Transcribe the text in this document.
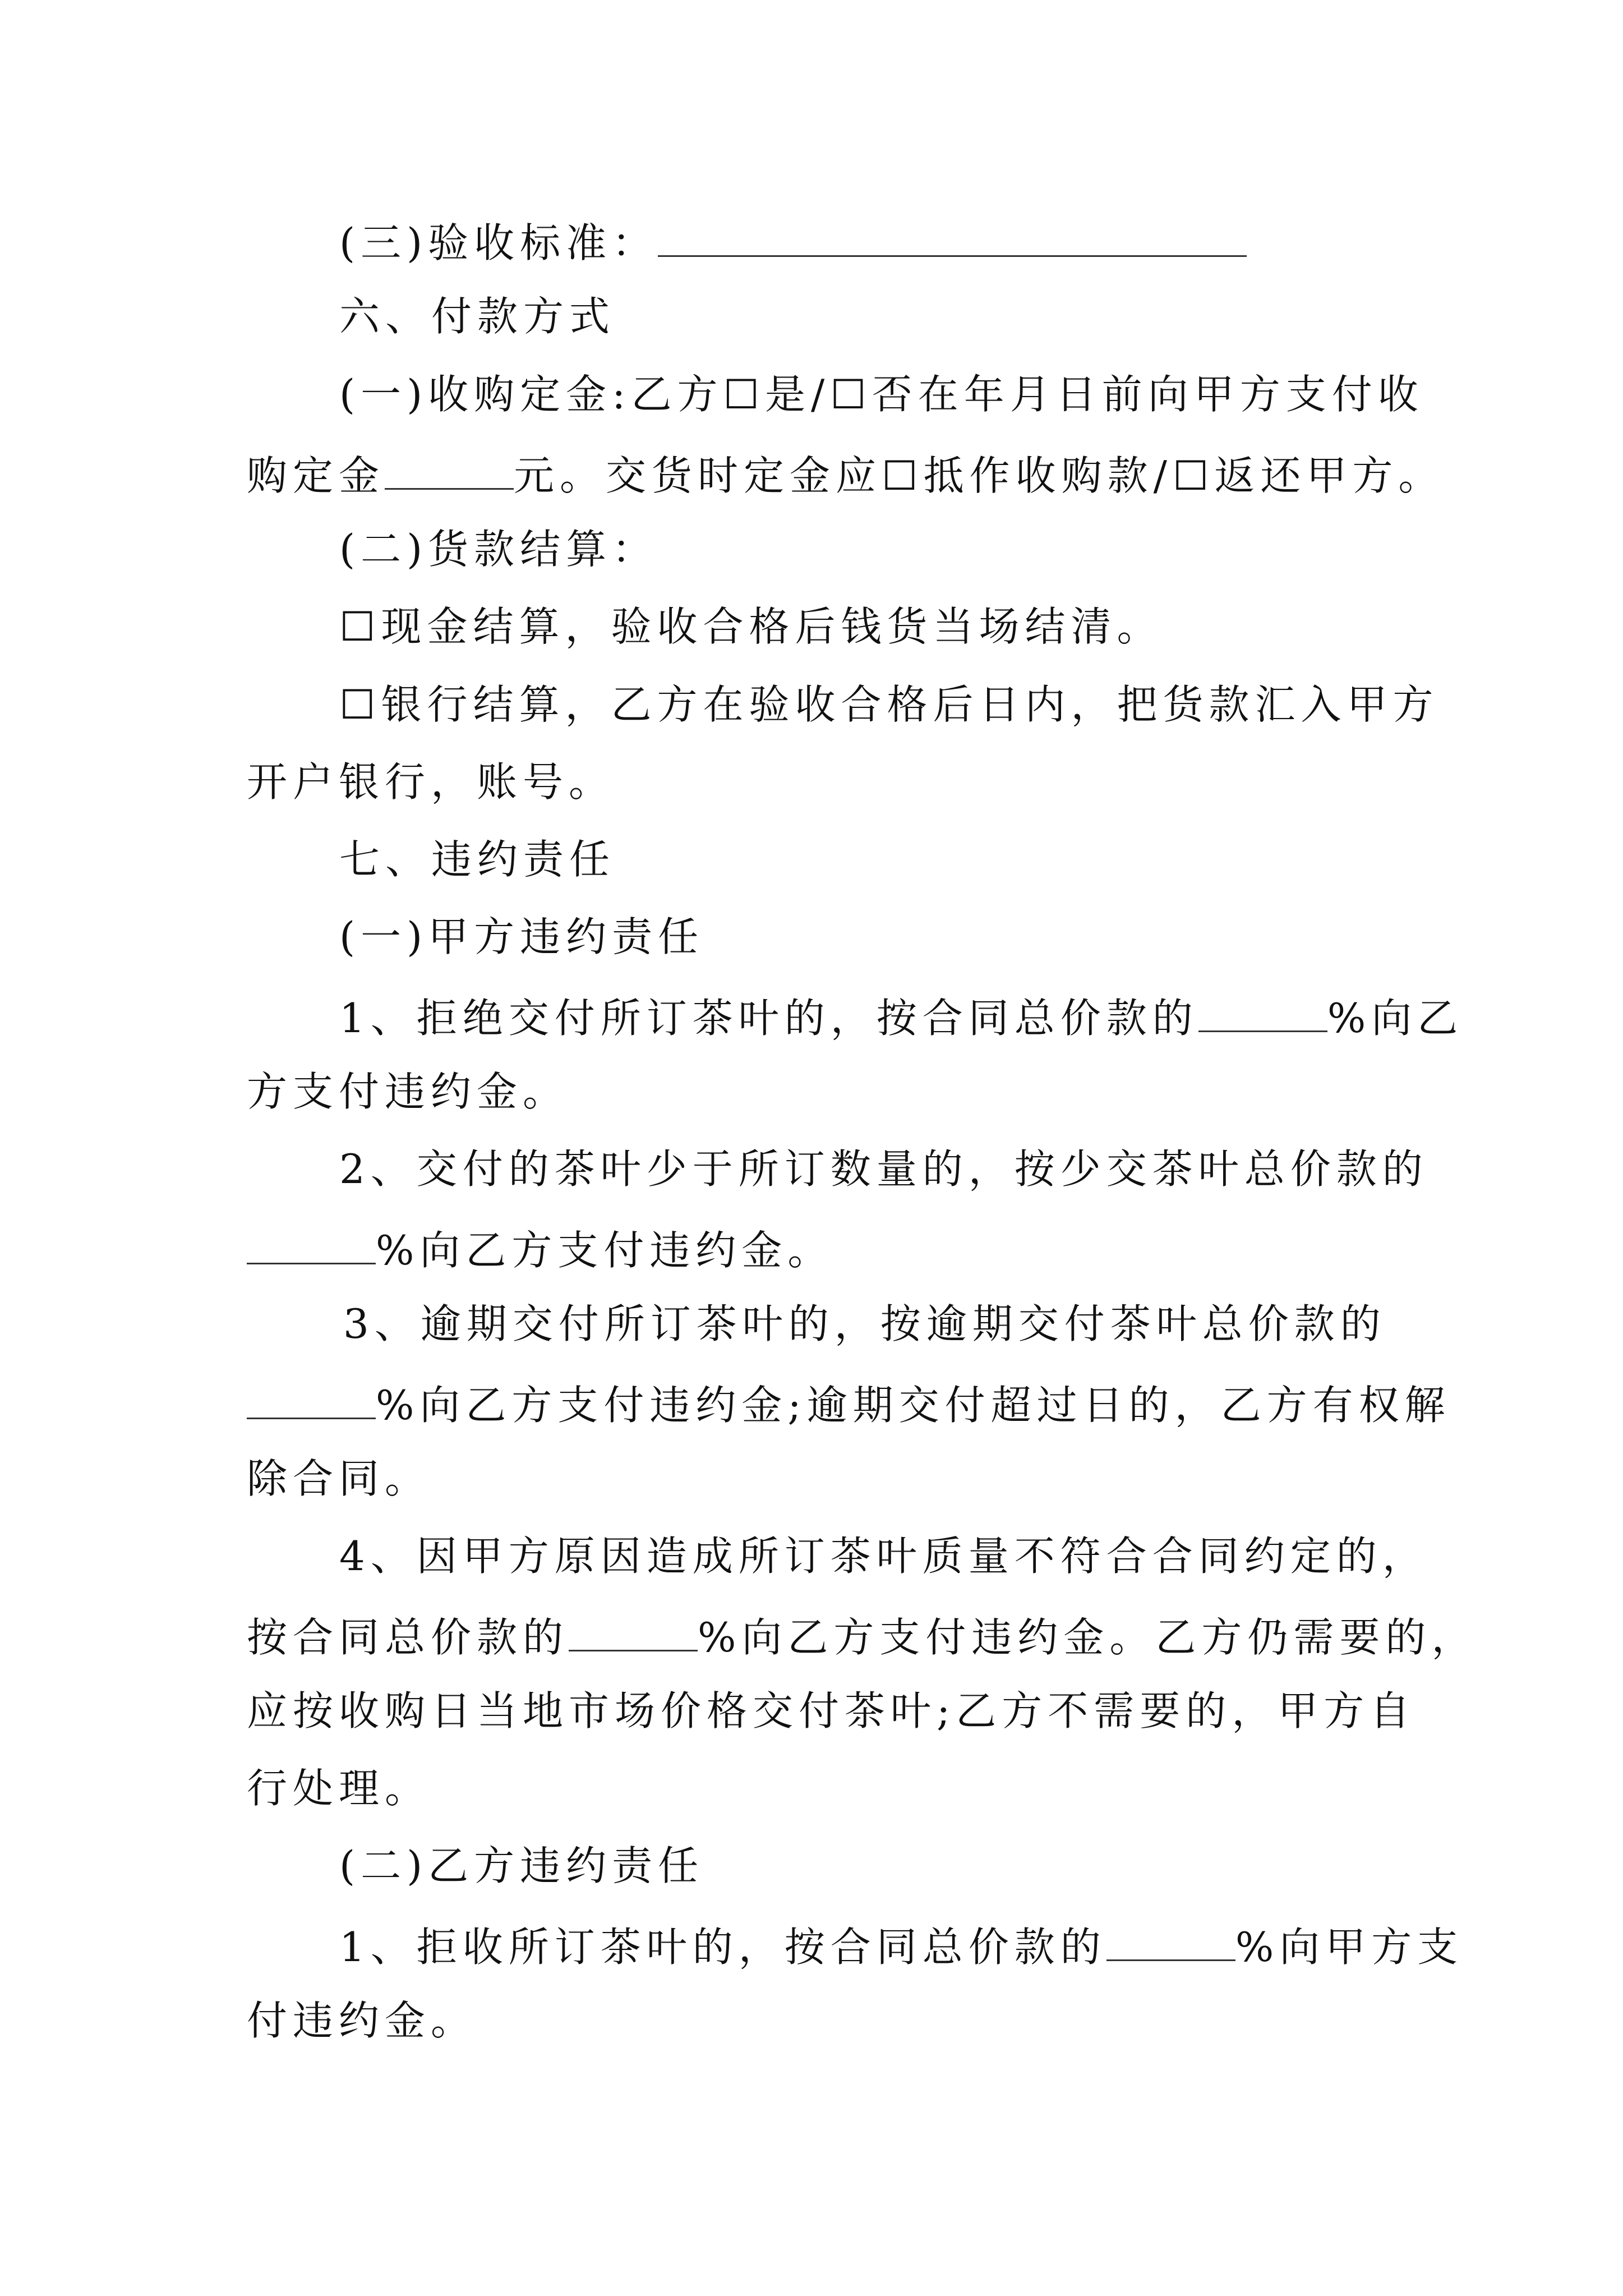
(三)验收标准：
六、付款方式
(一)收购定金:乙方☐是/☐否在年月日前向甲方支付收
购定金	元。交货时定金应☐抵作收购款/☐返还甲方。
(二)货款结算：
☐现金结算，验收合格后钱货当场结清。
☐银行结算，乙方在验收合格后日内，把货款汇入甲方
开户银行，账号。
七、违约责任
(一)甲方违约责任
1、拒绝交付所订茶叶的，按合同总价款的	%向乙
方支付违约金。
2、交付的茶叶少于所订数量的，按少交茶叶总价款的
%向乙方支付违约金。
3、逾期交付所订茶叶的，按逾期交付茶叶总价款的
%向乙方支付违约金;逾期交付超过日的，乙方有权解
除合同。
4、因甲方原因造成所订茶叶质量不符合合同约定的，
按合同总价款的	%向乙方支付违约金。乙方仍需要的，
应按收购日当地市场价格交付茶叶;乙方不需要的，甲方自
行处理。
(二)乙方违约责任
1、拒收所订茶叶的，按合同总价款的	%向甲方支
付违约金。
